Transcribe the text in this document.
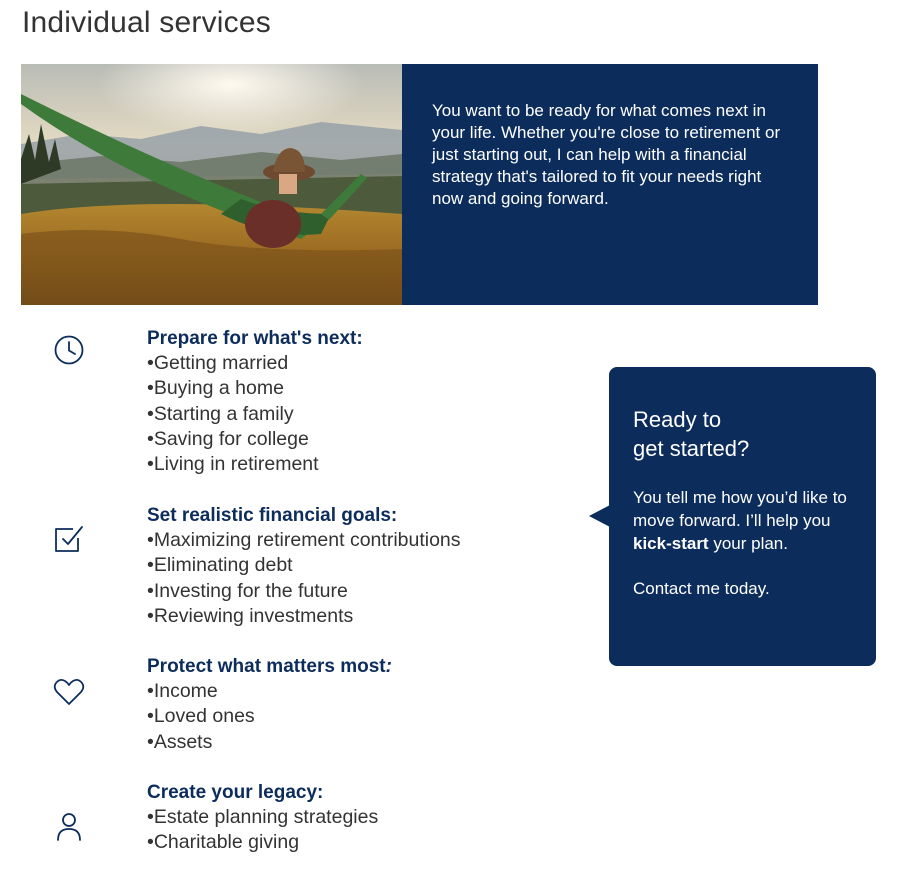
Individual services

You want to be ready for what comes next in your life. Whether you're close to retirement or just starting out, I can help with a financial strategy that's tailored to fit your needs right now and going forward.

Prepare for what's next:

• Getting married
• Buying a home
• Starting a family
• Saving for college
• Living in retirement

Set realistic financial goals:

• Maximizing retirement contributions
• Eliminating debt
• Investing for the future
• Reviewing investments

Protect what matters most:

• Income
• Loved ones
• Assets

Create your legacy:

• Estate planning strategies
• Charitable giving

Ready to
get started?

You tell me how you’d like to move forward. I’ll help you kick-start your plan.

Contact me today.
